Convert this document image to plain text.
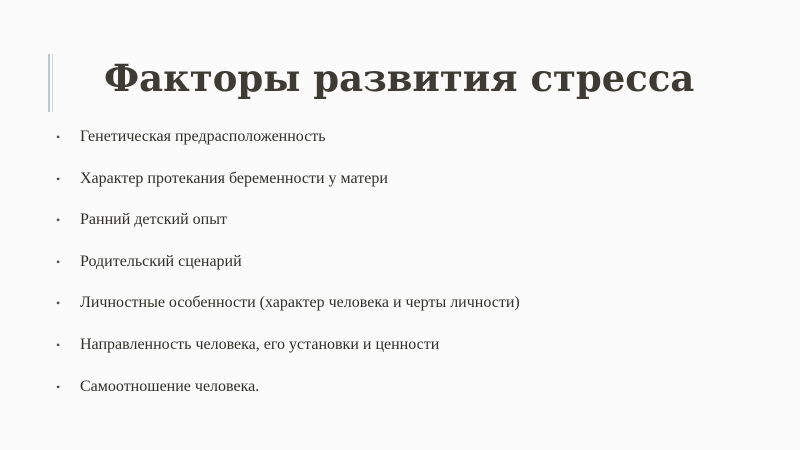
Факторы развития стресса
• Генетическая предрасположенность
• Характер протекания беременности у матери
• Ранний детский опыт
• Родительский сценарий
• Личностные особенности (характер человека и черты личности)
• Направленность человека, его установки и ценности
• Самоотношение человека.
